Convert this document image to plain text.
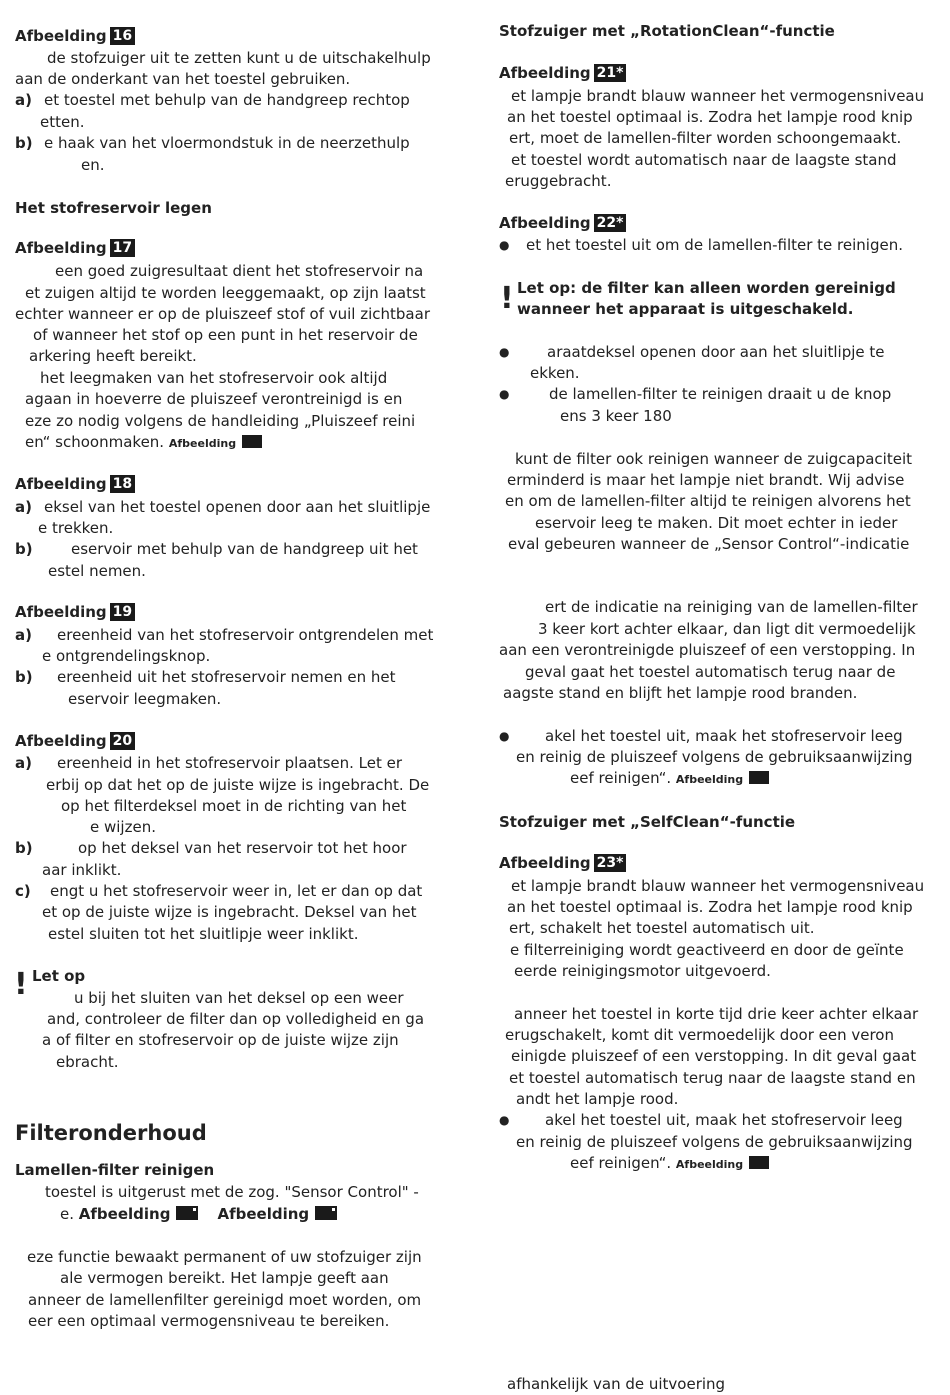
Afbeelding 16
de stofzuiger uit te zetten kunt u de uitschakelhulp
aan de onderkant van het toestel gebruiken.
a) et toestel met behulp van de handgreep rechtop
etten.
b) e haak van het vloermondstuk in de neerzethulp
en.
Het stofreservoir legen
Afbeelding 17
een goed zuigresultaat dient het stofreservoir na
et zuigen altijd te worden leeggemaakt, op zijn laatst
echter wanneer er op de pluiszeef stof of vuil zichtbaar
of wanneer het stof op een punt in het reservoir de
arkering heeft bereikt.
het leegmaken van het stofreservoir ook altijd
agaan in hoeverre de pluiszeef verontreinigd is en
eze zo nodig volgens de handleiding „Pluiszeef reini
en“ schoonmaken. Afbeelding
Afbeelding 18
a) eksel van het toestel openen door aan het sluitlipje
e trekken.
b)	eservoir met behulp van de handgreep uit het
estel nemen.
Afbeelding 19
a) ereenheid van het stofreservoir ontgrendelen met
e ontgrendelingsknop.
b) ereenheid uit het stofreservoir nemen en het
eservoir leegmaken.
Afbeelding 20
a) ereenheid in het stofreservoir plaatsen. Let er
erbij op dat het op de juiste wijze is ingebracht. De
op het filterdeksel moet in de richting van het
e wijzen.
b)	op het deksel van het reservoir tot het hoor
aar inklikt.
c) engt u het stofreservoir weer in, let er dan op dat
et op de juiste wijze is ingebracht. Deksel van het
estel sluiten tot het sluitlipje weer inklikt.
! Let op
u bij het sluiten van het deksel op een weer
and, controleer de filter dan op volledigheid en ga
a of filter en stofreservoir op de juiste wijze zijn
ebracht.
Filteronderhoud
Lamellen-filter reinigen
toestel is uitgerust met de zog. "Sensor Control" -
e. Afbeelding	Afbeelding
eze functie bewaakt permanent of uw stofzuiger zijn
ale vermogen bereikt. Het lampje geeft aan
anneer de lamellenfilter gereinigd moet worden, om
eer een optimaal vermogensniveau te bereiken.
Stofzuiger met „RotationClean“-functie
Afbeelding 21*
et lampje brandt blauw wanneer het vermogensniveau
an het toestel optimaal is. Zodra het lampje rood knip
ert, moet de lamellen-filter worden schoongemaakt.
et toestel wordt automatisch naar de laagste stand
eruggebracht.
Afbeelding 22*
● et het toestel uit om de lamellen-filter te reinigen.
! Let op: de filter kan alleen worden gereinigd
wanneer het apparaat is uitgeschakeld.
●	araatdeksel openen door aan het sluitlipje te
ekken.
●	de lamellen-filter te reinigen draait u de knop
ens 3 keer 180
kunt de filter ook reinigen wanneer de zuigcapaciteit
erminderd is maar het lampje niet brandt. Wij advise
en om de lamellen-filter altijd te reinigen alvorens het
eservoir leeg te maken. Dit moet echter in ieder
eval gebeuren wanneer de „Sensor Control“-indicatie
ert de indicatie na reiniging van de lamellen-filter
3 keer kort achter elkaar, dan ligt dit vermoedelijk
aan een verontreinigde pluiszeef of een verstopping. In
geval gaat het toestel automatisch terug naar de
aagste stand en blijft het lampje rood branden.
● akel het toestel uit, maak het stofreservoir leeg
en reinig de pluiszeef volgens de gebruiksaanwijzing
eef reinigen“. Afbeelding
Stofzuiger met „SelfClean“-functie
Afbeelding 23*
et lampje brandt blauw wanneer het vermogensniveau
an het toestel optimaal is. Zodra het lampje rood knip
ert, schakelt het toestel automatisch uit.
e filterreiniging wordt geactiveerd en door de geïnte
eerde reinigingsmotor uitgevoerd.
anneer het toestel in korte tijd drie keer achter elkaar
erugschakelt, komt dit vermoedelijk door een veron
einigde pluiszeef of een verstopping. In dit geval gaat
et toestel automatisch terug naar de laagste stand en
andt het lampje rood.
● akel het toestel uit, maak het stofreservoir leeg
en reinig de pluiszeef volgens de gebruiksaanwijzing
eef reinigen“. Afbeelding
afhankelijk van de uitvoering
